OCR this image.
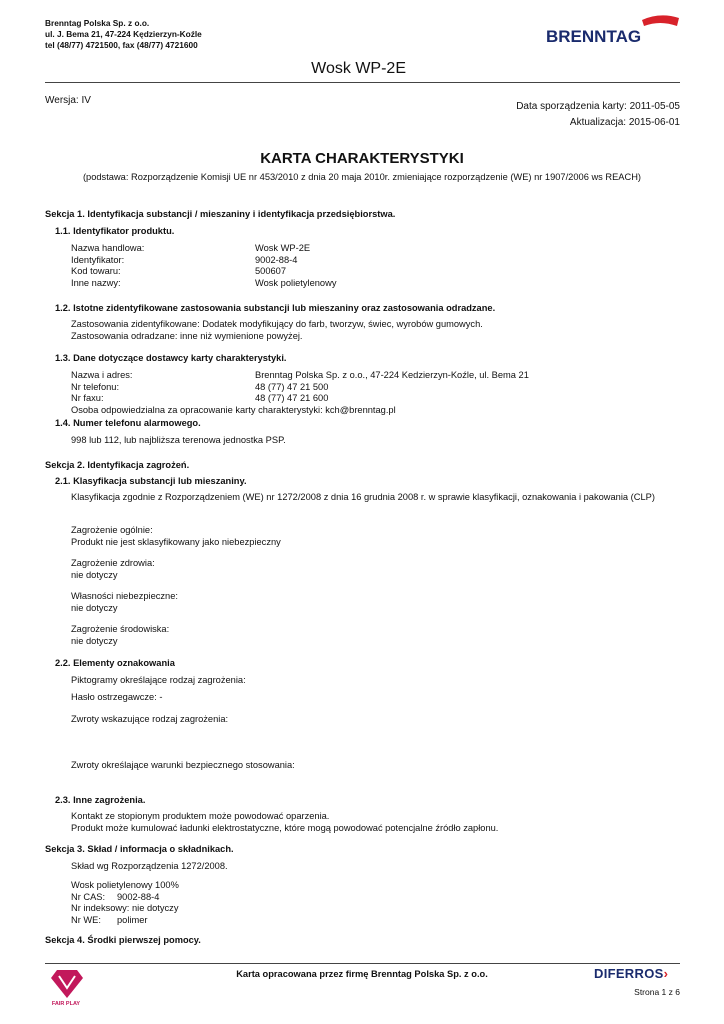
Brenntag Polska Sp. z o.o.
ul. J. Bema 21, 47-224 Kędzierzyn-Koźle
tel (48/77) 4721500, fax (48/77) 4721600	BRENNTAG
Wosk WP-2E
Wersja: IV
Data sporządzenia karty: 2011-05-05
Aktualizacja: 2015-06-01
KARTA CHARAKTERYSTYKI
(podstawa: Rozporządzenie Komisji UE nr 453/2010 z dnia 20 maja 2010r. zmieniające rozporządzenie (WE) nr 1907/2006 ws REACH)
Sekcja 1. Identyfikacja substancji / mieszaniny i identyfikacja przedsiębiorstwa.
1.1. Identyfikator produktu.
Nazwa handlowa:	Wosk WP-2E
Identyfikator:	9002-88-4
Kod towaru:	500607
Inne nazwy:	Wosk polietylenowy
1.2. Istotne zidentyfikowane zastosowania substancji lub mieszaniny oraz zastosowania odradzane.
Zastosowania zidentyfikowane: Dodatek modyfikujący do farb, tworzyw, świec, wyrobów gumowych.
Zastosowania odradzane: inne niż wymienione powyżej.
1.3. Dane dotyczące dostawcy karty charakterystyki.
Nazwa i adres:	Brenntag Polska Sp. z o.o., 47-224 Kedzierzyn-Koźle, ul. Bema 21
Nr telefonu:	48 (77) 47 21 500
Nr faxu:	48 (77) 47 21 600
Osoba odpowiedzialna za opracowanie karty charakterystyki: kch@brenntag.pl
1.4. Numer telefonu alarmowego.
998 lub 112, lub najbliższa terenowa jednostka PSP.
Sekcja 2. Identyfikacja zagrożeń.
2.1. Klasyfikacja substancji lub mieszaniny.
Klasyfikacja zgodnie z Rozporządzeniem (WE) nr 1272/2008 z dnia 16 grudnia 2008 r. w sprawie klasyfikacji, oznakowania i pakowania (CLP)
Zagrożenie ogólnie:
Produkt nie jest sklasyfikowany jako niebezpieczny
Zagrożenie zdrowia:
nie dotyczy
Własności niebezpieczne:
nie dotyczy
Zagrożenie środowiska:
nie dotyczy
2.2. Elementy oznakowania
Piktogramy określające rodzaj zagrożenia:
Hasło ostrzegawcze: -
Zwroty wskazujące rodzaj zagrożenia:
Zwroty określające warunki bezpiecznego stosowania:
2.3. Inne zagrożenia.
Kontakt ze stopionym produktem może powodować oparzenia.
Produkt może kumulować ładunki elektrostatyczne, które mogą powodować potencjalne źródło zapłonu.
Sekcja 3. Skład / informacja o składnikach.
Skład wg Rozporządzenia 1272/2008.
Wosk polietylenowy 100%
Nr CAS: 9002-88-4
Nr indeksowy: nie dotyczy
Nr WE: polimer
Sekcja 4. Środki pierwszej pomocy.
FAIR PLAY
Karta opracowana przez firmę Brenntag Polska Sp. z o.o.	DIFERROS›
Strona 1 z 6
